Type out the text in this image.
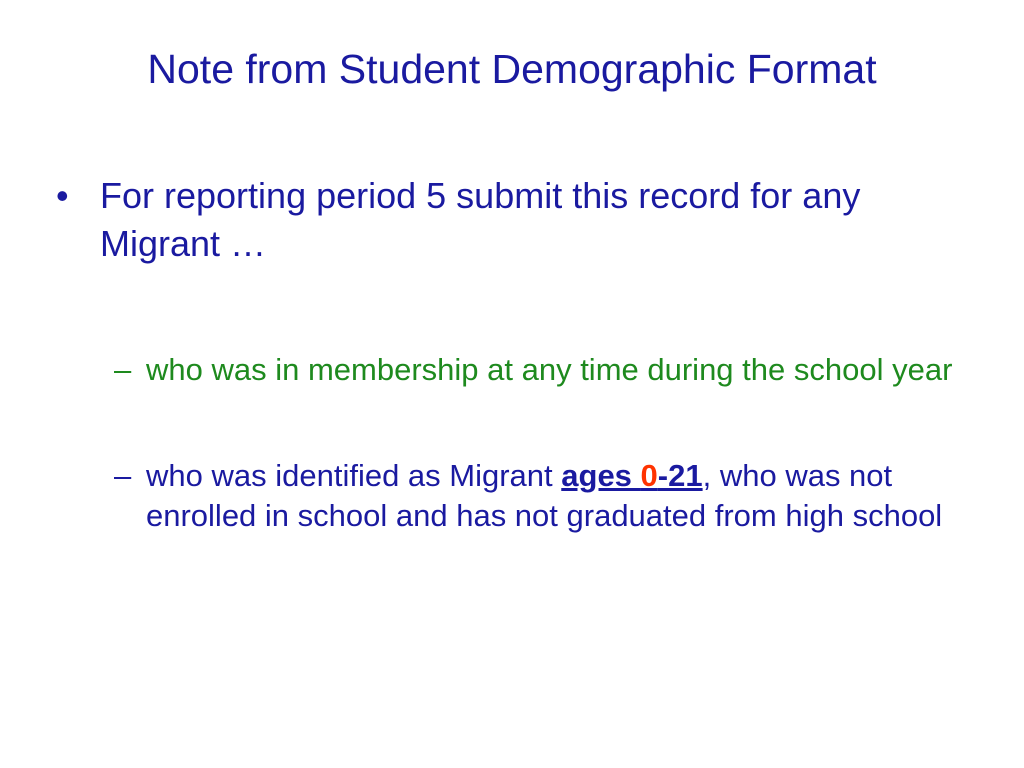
Note from Student Demographic Format
• For reporting period 5 submit this record for any Migrant …
– who was in membership at any time during the school year
– who was identified as Migrant ages 0-21, who was not enrolled in school and has not graduated from high school
